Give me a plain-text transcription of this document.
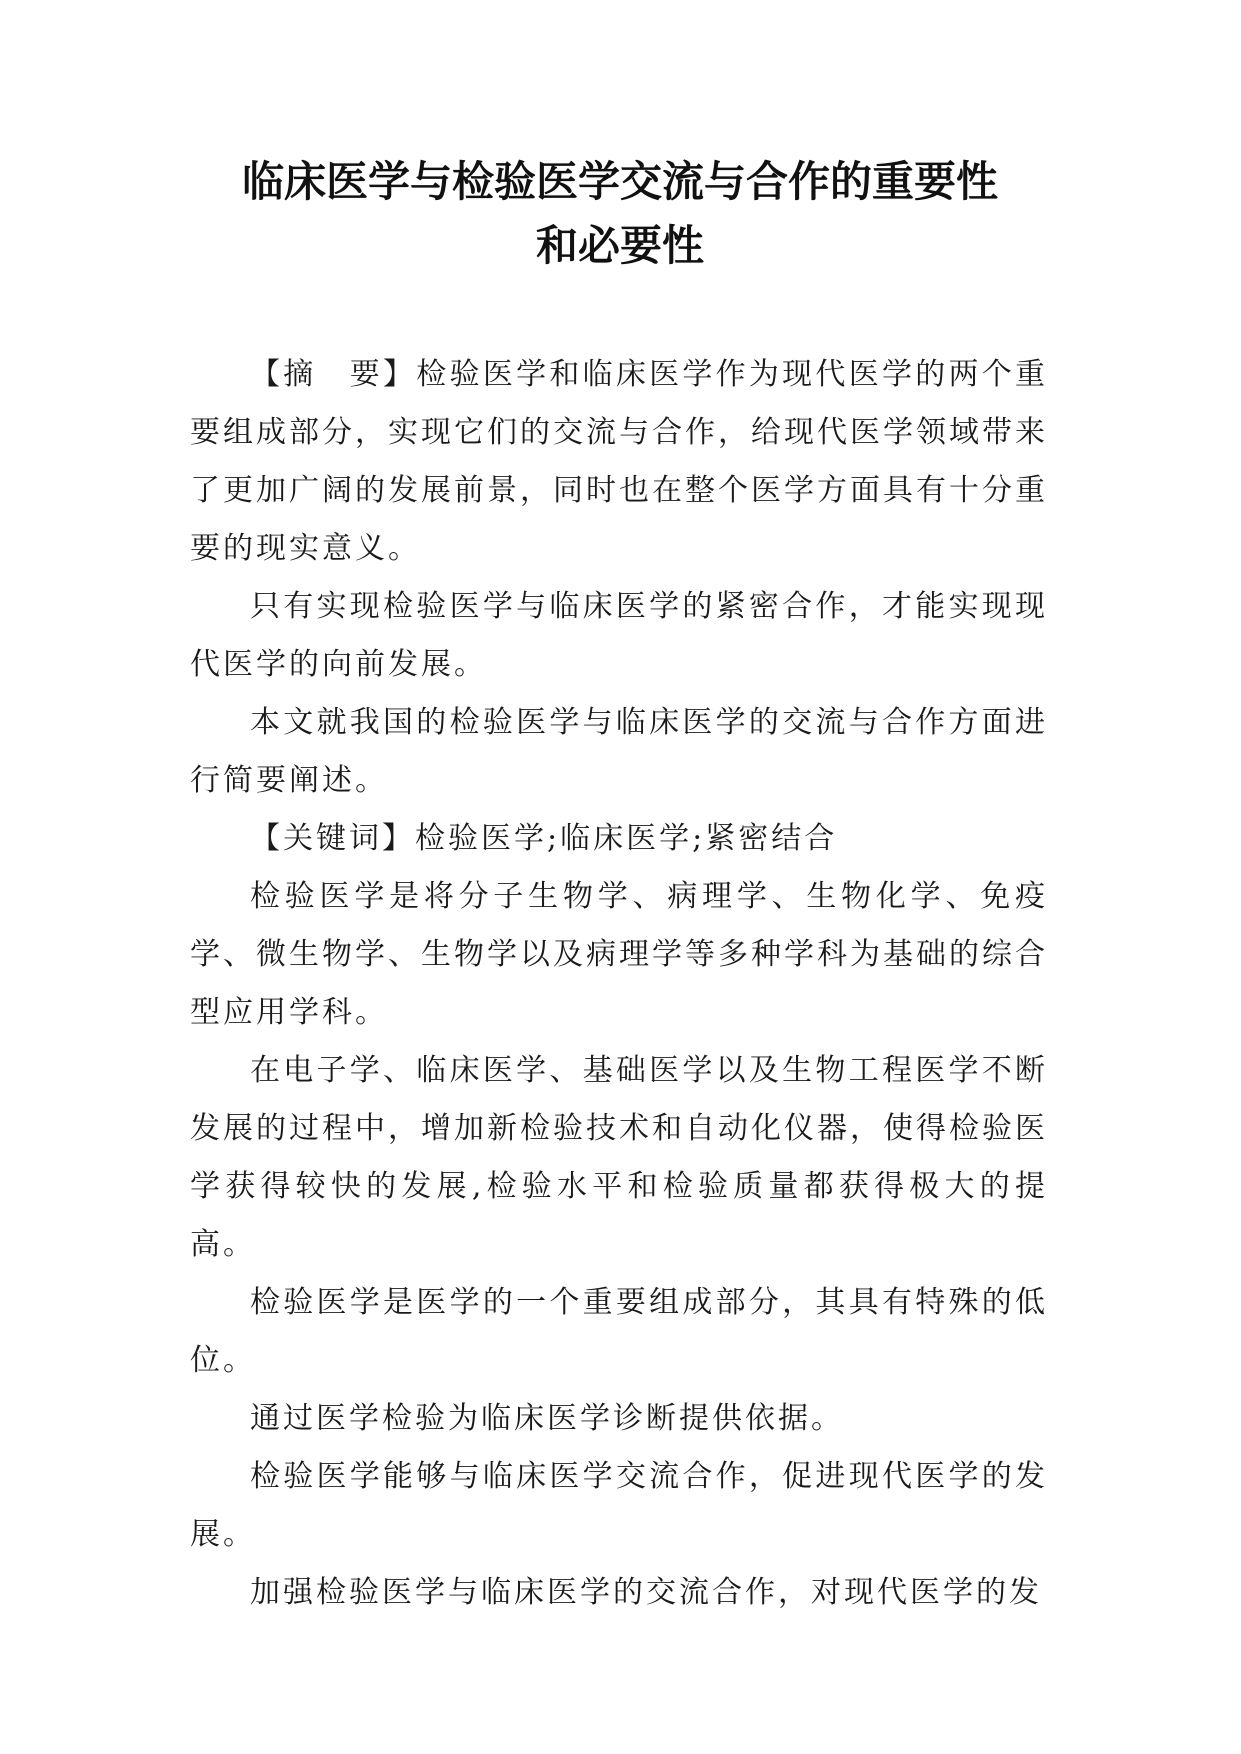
临床医学与检验医学交流与合作的重要性
和必要性

【摘　要】检验医学和临床医学作为现代医学的两个重要组成部分，实现它们的交流与合作，给现代医学领域带来了更加广阔的发展前景，同时也在整个医学方面具有十分重要的现实意义。

只有实现检验医学与临床医学的紧密合作，才能实现现代医学的向前发展。

本文就我国的检验医学与临床医学的交流与合作方面进行简要阐述。

【关键词】检验医学;临床医学;紧密结合

检验医学是将分子生物学、病理学、生物化学、免疫学、微生物学、生物学以及病理学等多种学科为基础的综合型应用学科。

在电子学、临床医学、基础医学以及生物工程医学不断发展的过程中，增加新检验技术和自动化仪器，使得检验医学获得较快的发展,检验水平和检验质量都获得极大的提高。

检验医学是医学的一个重要组成部分，其具有特殊的低位。

通过医学检验为临床医学诊断提供依据。

检验医学能够与临床医学交流合作，促进现代医学的发展。

加强检验医学与临床医学的交流合作，对现代医学的发
